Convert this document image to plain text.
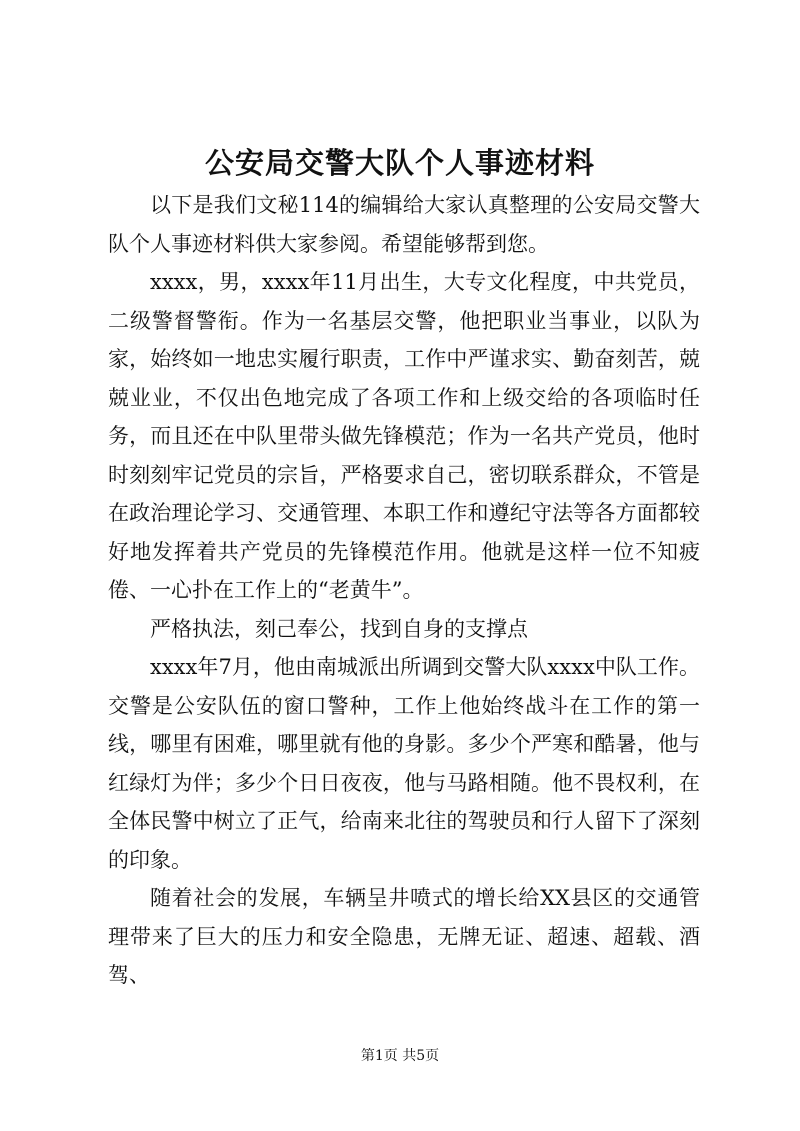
公安局交警大队个人事迹材料

以下是我们文秘114的编辑给大家认真整理的公安局交警大队个人事迹材料供大家参阅。希望能够帮到您。

xxxx，男，xxxx年11月出生，大专文化程度，中共党员，二级警督警衔。作为一名基层交警，他把职业当事业，以队为家，始终如一地忠实履行职责，工作中严谨求实、勤奋刻苦，兢兢业业，不仅出色地完成了各项工作和上级交给的各项临时任务，而且还在中队里带头做先锋模范；作为一名共产党员，他时时刻刻牢记党员的宗旨，严格要求自己，密切联系群众，不管是在政治理论学习、交通管理、本职工作和遵纪守法等各方面都较好地发挥着共产党员的先锋模范作用。他就是这样一位不知疲倦、一心扑在工作上的“老黄牛”。

严格执法，刻己奉公，找到自身的支撑点

xxxx年7月，他由南城派出所调到交警大队xxxx中队工作。交警是公安队伍的窗口警种，工作上他始终战斗在工作的第一线，哪里有困难，哪里就有他的身影。多少个严寒和酷暑，他与红绿灯为伴；多少个日日夜夜，他与马路相随。他不畏权利，在全体民警中树立了正气，给南来北往的驾驶员和行人留下了深刻的印象。

随着社会的发展，车辆呈井喷式的增长给XX县区的交通管理带来了巨大的压力和安全隐患，无牌无证、超速、超载、酒驾、

第1页 共5页
